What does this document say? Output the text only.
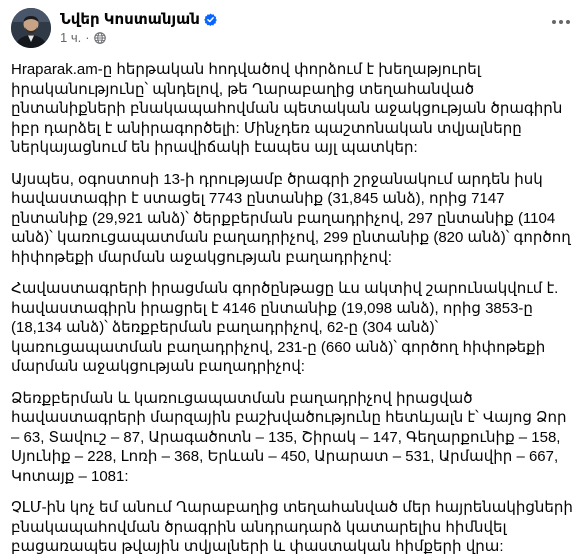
Նվեր Կոստանյան
1 ч. ·

Hraparak.am-ը հերթական հոդվածով փորձում է խեղաթյուրել իրականությունը՝ պնդելով, թե Ղարաբաղից տեղահանված ընտանիքների բնակապահովման պետական աջակցության ծրագիրն իբր դարձել է անիրագործելի: Մինչդեռ պաշտոնական տվյալները ներկայացնում են իրավիճակի էապես այլ պատկեր:

Այսպես, օգոստոսի 13-ի դրությամբ ծրագրի շրջանակում արդեն իսկ հավաստագիր է ստացել 7743 ընտանիք (31,845 անձ), որից 7147 ընտանիք (29,921 անձ)՝ ծերքբերման բաղադրիչով, 297 ընտանիք (1104 անձ)՝ կառուցապատման բաղադրիչով, 299 ընտանիք (820 անձ)՝ գործող հիփոթեքի մարման աջակցության բաղադրիչով:

Հավաստագրերի իրացման գործընթացը ևս ակտիվ շարունակվում է. հավաստագիրն իրացրել է 4146 ընտանիք (19,098 անձ), որից 3853-ը (18,134 անձ)՝ ձեռքբերման բաղադրիչով, 62-ը (304 անձ)՝ կառուցապատման բաղադրիչով, 231-ը (660 անձ)՝ գործող հիփոթեքի մարման աջակցության բաղադրիչով:

Ձեռքբերման և կառուցապատման բաղադրիչով իրացված հավաստագրերի մարզային բաշխվածությունը հետևյալն է՝ Վայոց Ձոր – 63, Տավուշ – 87, Արագածոտն – 135, Շիրակ – 147, Գեղարքունիք – 158, Սյունիք – 228, Լոռի – 368, Երևան – 450, Արարատ – 531, Արմավիր – 667, Կոտայք – 1081:

ՉԼՄ-ին կոչ եմ անում Ղարաբաղից տեղահանված մեր հայրենակիցների բնակապահովման ծրագրին անդրադարձ կատարելիս հիմնվել բացառապես թվային տվյալների և փաստական հիմքերի վրա:
